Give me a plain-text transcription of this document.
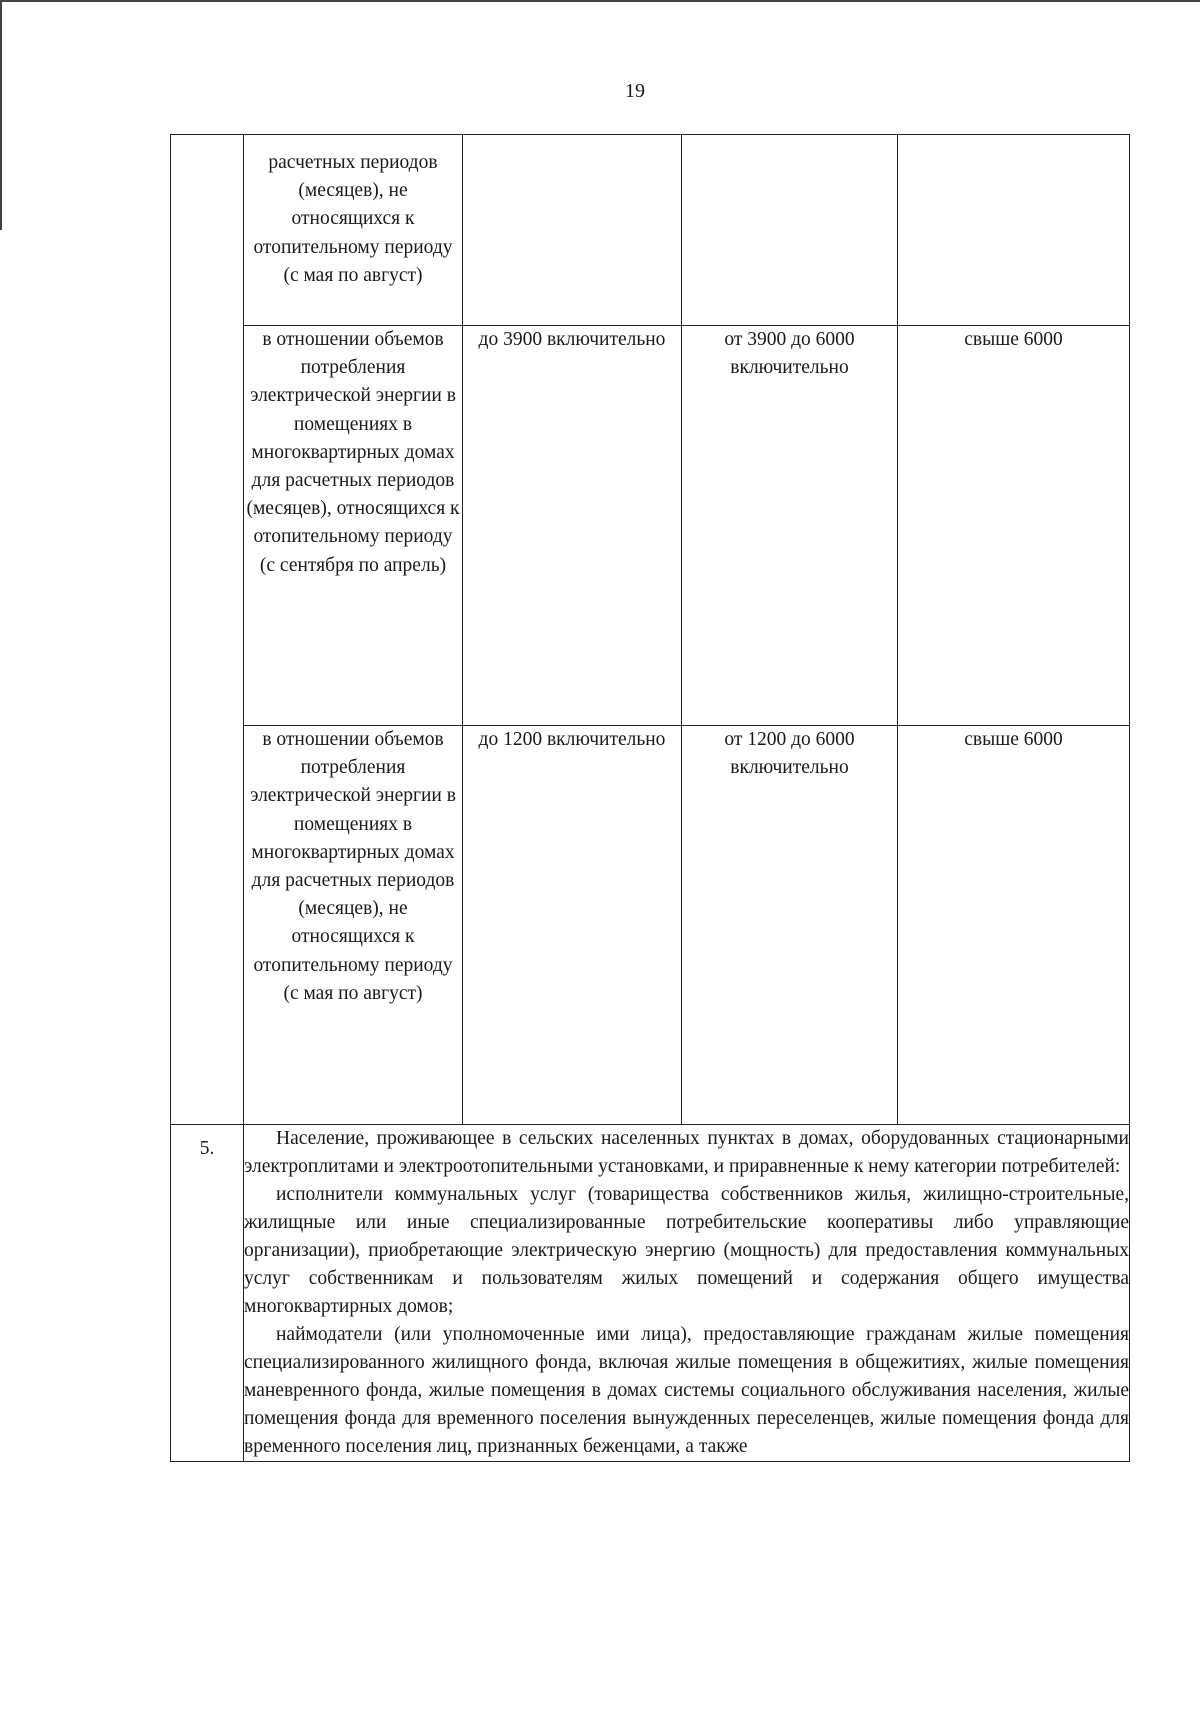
19
	расчетных периодов (месяцев), не относящихся к отопительному периоду (с мая по август)			
	в отношении объемов потребления электрической энергии в помещениях в многоквартирных домах для расчетных периодов (месяцев), относящихся к отопительному периоду (с сентября по апрель)	до 3900 включительно	от 3900 до 6000 включительно	свыше 6000
	в отношении объемов потребления электрической энергии в помещениях в многоквартирных домах для расчетных периодов (месяцев), не относящихся к отопительному периоду (с мая по август)	до 1200 включительно	от 1200 до 6000 включительно	свыше 6000
5.	Население, проживающее в сельских населенных пунктах в домах, оборудованных стационарными электроплитами и электроотопительными установками, и приравненные к нему категории потребителей:

исполнители коммунальных услуг (товарищества собственников жилья, жилищно-строительные, жилищные или иные специализированные потребительские кооперативы либо управляющие организации), приобретающие электрическую энергию (мощность) для предоставления коммунальных услуг собственникам и пользователям жилых помещений и содержания общего имущества многоквартирных домов;

наймодатели (или уполномоченные ими лица), предоставляющие гражданам жилые помещения специализированного жилищного фонда, включая жилые помещения в общежитиях, жилые помещения маневренного фонда, жилые помещения в домах системы социального обслуживания населения, жилые помещения фонда для временного поселения вынужденных переселенцев, жилые помещения фонда для временного поселения лиц, признанных беженцами, а также			
